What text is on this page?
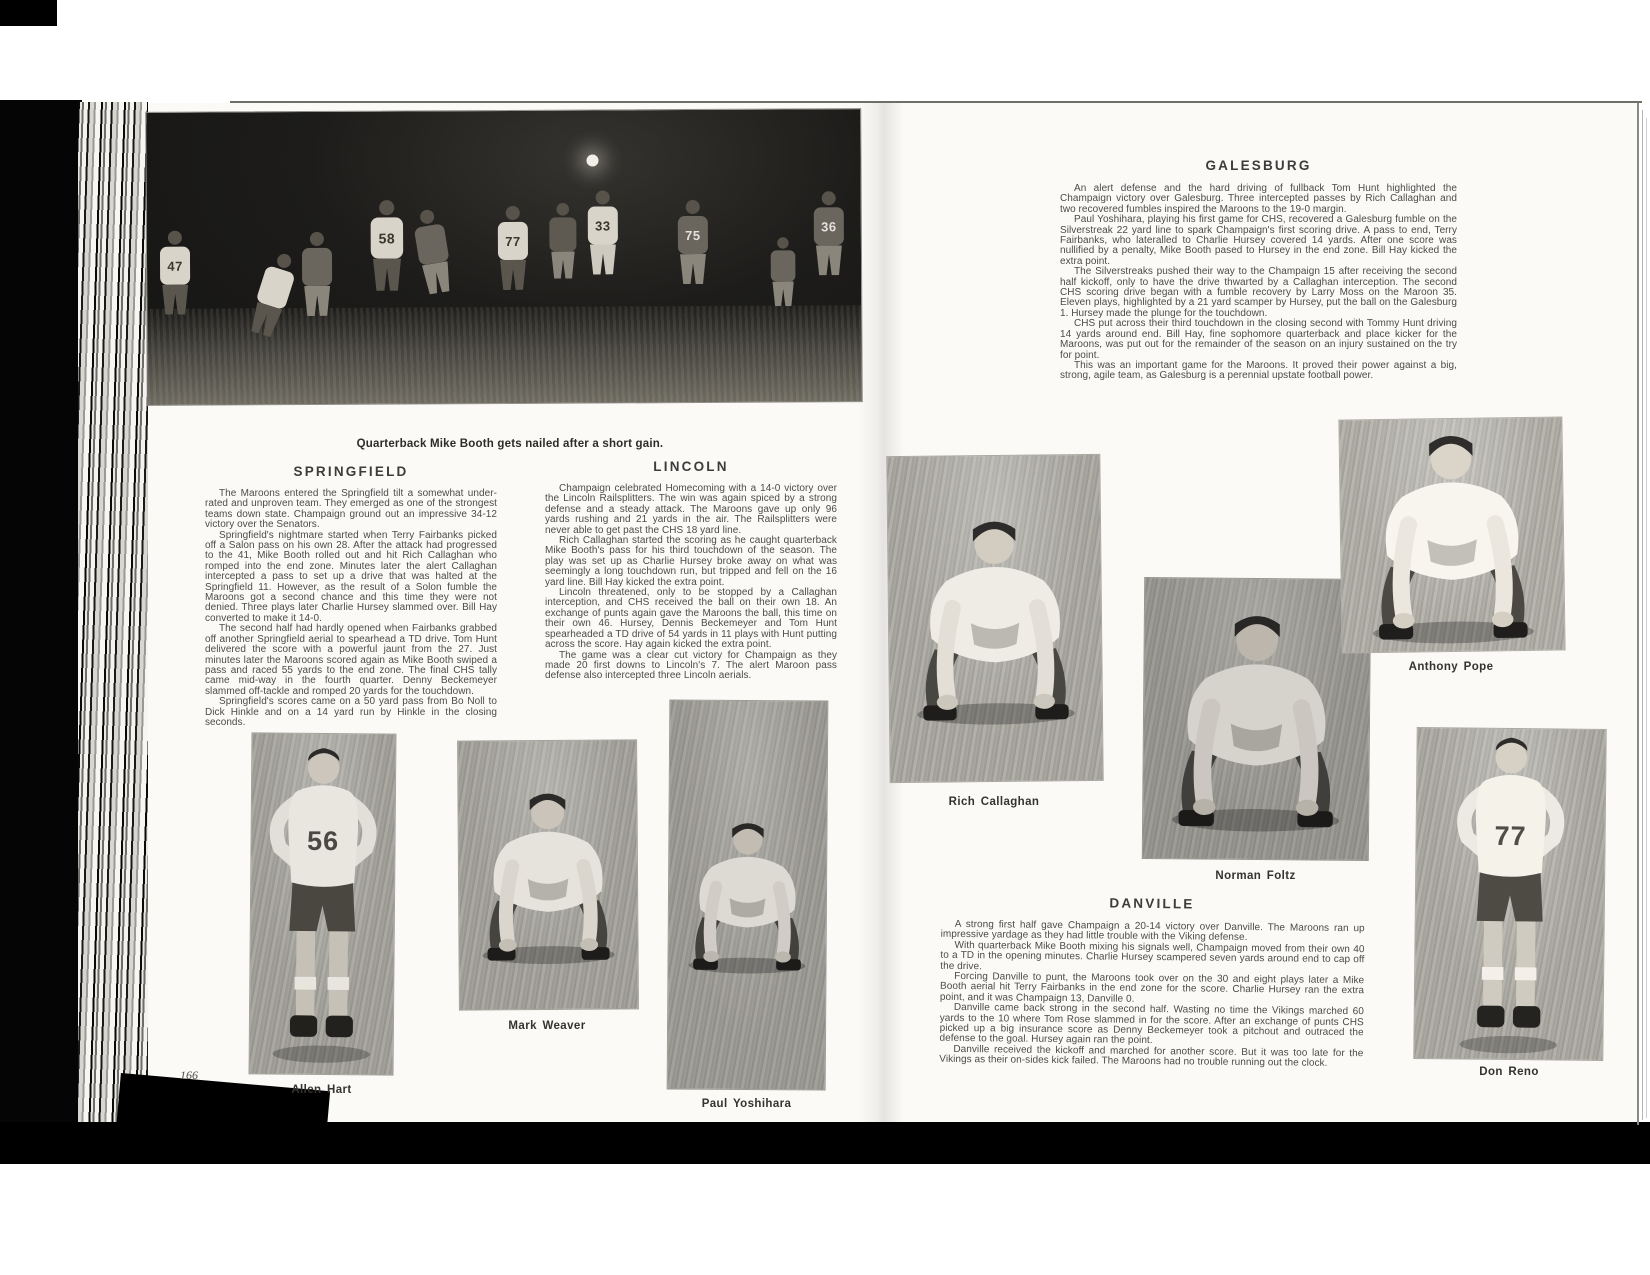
47
58	77
33
75
36
Quarterback Mike Booth gets nailed after a short gain.
SPRINGFIELD

The Maroons entered the Springfield tilt a somewhat under-rated and unproven team. They emerged as one of the strongest teams down state. Champaign ground out an impressive 34-12 victory over the Senators.

Springfield's nightmare started when Terry Fairbanks picked off a Salon pass on his own 28. After the attack had progressed to the 41, Mike Booth rolled out and hit Rich Callaghan who romped into the end zone. Minutes later the alert Callaghan intercepted a pass to set up a drive that was halted at the Springfield 11. However, as the result of a Solon fumble the Maroons got a second chance and this time they were not denied. Three plays later Charlie Hursey slammed over. Bill Hay converted to make it 14-0.

The second half had hardly opened when Fairbanks grabbed off another Springfield aerial to spearhead a TD drive. Tom Hunt delivered the score with a powerful jaunt from the 27. Just minutes later the Maroons scored again as Mike Booth swiped a pass and raced 55 yards to the end zone. The final CHS tally came mid-way in the fourth quarter. Denny Beckemeyer slammed off-tackle and romped 20 yards for the touchdown.

Springfield's scores came on a 50 yard pass from Bo Noll to Dick Hinkle and on a 14 yard run by Hinkle in the closing seconds.

LINCOLN

Champaign celebrated Homecoming with a 14-0 victory over the Lincoln Railsplitters. The win was again spiced by a strong defense and a steady attack. The Maroons gave up only 96 yards rushing and 21 yards in the air. The Railsplitters were never able to get past the CHS 18 yard line.

Rich Callaghan started the scoring as he caught quarterback Mike Booth's pass for his third touchdown of the season. The play was set up as Charlie Hursey broke away on what was seemingly a long touchdown run, but tripped and fell on the 16 yard line. Bill Hay kicked the extra point.

Lincoln threatened, only to be stopped by a Callaghan interception, and CHS received the ball on their own 18. An exchange of punts again gave the Maroons the ball, this time on their own 46. Hursey, Dennis Beckemeyer and Tom Hunt spearheaded a TD drive of 54 yards in 11 plays with Hunt putting across the score. Hay again kicked the extra point.

The game was a clear cut victory for Champaign as they made 20 first downs to Lincoln's 7. The alert Maroon pass defense also intercepted three Lincoln aerials.

56
Allen Hart
166
Mark Weaver
Paul Yoshihara
GALESBURG

An alert defense and the hard driving of fullback Tom Hunt highlighted the Champaign victory over Galesburg. Three intercepted passes by Rich Callaghan and two recovered fumbles inspired the Maroons to the 19-0 margin.

Paul Yoshihara, playing his first game for CHS, recovered a Galesburg fumble on the Silverstreak 22 yard line to spark Champaign's first scoring drive. A pass to end, Terry Fairbanks, who lateralled to Charlie Hursey covered 14 yards. After one score was nullified by a penalty, Mike Booth pased to Hursey in the end zone. Bill Hay kicked the extra point.

The Silverstreaks pushed their way to the Champaign 15 after receiving the second half kickoff, only to have the drive thwarted by a Callaghan interception. The second CHS scoring drive began with a fumble recovery by Larry Moss on the Maroon 35. Eleven plays, highlighted by a 21 yard scamper by Hursey, put the ball on the Galesburg 1. Hursey made the plunge for the touchdown.

CHS put across their third touchdown in the closing second with Tommy Hunt driving 14 yards around end. Bill Hay, fine sophomore quarterback and place kicker for the Maroons, was put out for the remainder of the season on an injury sustained on the try for point.

This was an important game for the Maroons. It proved their power against a big, strong, agile team, as Galesburg is a perennial upstate football power.

Rich Callaghan
Norman Foltz
Anthony Pope
DANVILLE

A strong first half gave Champaign a 20-14 victory over Danville. The Maroons ran up impressive yardage as they had little trouble with the Viking defense.

With quarterback Mike Booth mixing his signals well, Champaign moved from their own 40 to a TD in the opening minutes. Charlie Hursey scampered seven yards around end to cap off the drive.

Forcing Danville to punt, the Maroons took over on the 30 and eight plays later a Mike Booth aerial hit Terry Fairbanks in the end zone for the score. Charlie Hursey ran the extra point, and it was Champaign 13, Danville 0.

Danville came back strong in the second half. Wasting no time the Vikings marched 60 yards to the 10 where Tom Rose slammed in for the score. After an exchange of punts CHS picked up a big insurance score as Denny Beckemeyer took a pitchout and outraced the defense to the goal. Hursey again ran the point.

Danville received the kickoff and marched for another score. But it was too late for the Vikings as their on-sides kick failed. The Maroons had no trouble running out the clock.

77
Don Reno
